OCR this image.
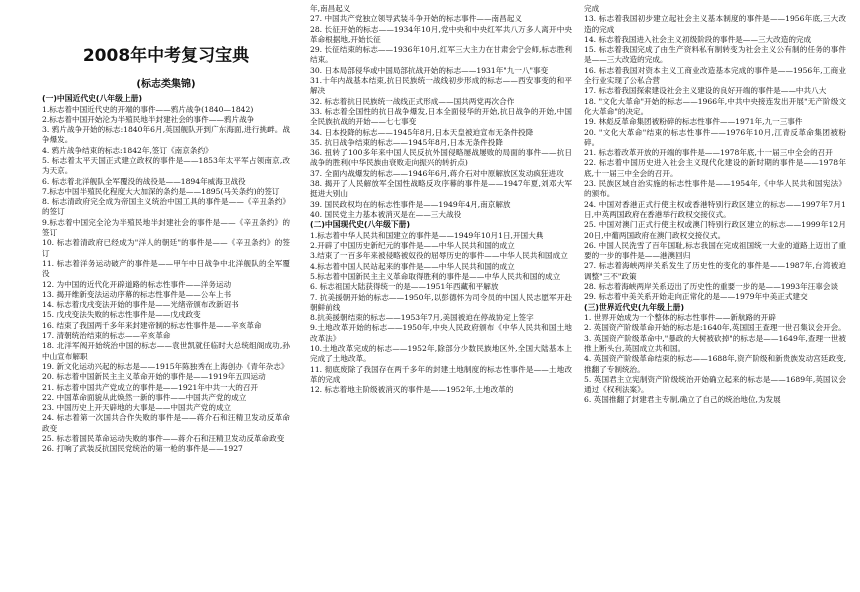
2008年中考复习宝典
(标志类集锦)

(一)中国近代史(八年级上册)

1.标志着中国近代史的开端的事件——鸦片战争(1840—1842)

2.标志着中国开始沦为半殖民地半封建社会的事件——鸦片战争

3. 鸦片战争开始的标志:1840年6月,英国舰队开到广东海面,进行挑衅。战争爆发。

4. 鸦片战争结束的标志:1842年,签订《南京条约》

5. 标志着太平天国正式建立政权的事件是——1853年太平军占领南京,改为天京。

6. 标志着北洋舰队全军覆没的战役是——1894年威海卫战役

7.标志中国半殖民化程度大大加深的条约是——1895(马关条约)的签订

8. 标志清政府完全成为帝国主义统治中国工具的事件是——《辛丑条约》的签订

9.标志着中国完全沦为半殖民地半封建社会的事件是——《辛丑条约》的签订

10. 标志着清政府已经成为"洋人的朝廷"的事件是——《辛丑条约》的签订

11. 标志着洋务运动破产的事件是——甲午中日战争中北洋舰队的全军覆没

12. 为中国的近代化开辟道路的标志性事件——洋务运动

13. 揭开维新变法运动序幕的标志性事件是——公车上书

14. 标志着戊戌变法开始的事件是——光绪帝颁布改新诏书

15. 戊戌变法失败的标志性事件是——戊戌政变

16. 结束了我国两千多年来封建帝制的标志性事件是——辛亥革命

17. 清朝统治结束的标志——辛亥革命

18. 北洋军阀开始统治中国的标志——袁世凯就任临时大总统组阁成功,孙中山宣布解职

19. 新文化运动兴起的标志是——1915年陈独秀在上海创办《青年杂志》

20. 标志着中国新民主主义革命开始的事件是——1919年五四运动

21. 标志着中国共产党成立的事件是——1921年中共一大的召开

22. 中国革命面貌从此焕然一新的事件——中国共产党的成立

23. 中国历史上开天辟地的大事是——中国共产党的成立

24. 标志着第一次国共合作失败的事件是——蒋介石和汪精卫发动反革命政变

25. 标志着国民革命运动失败的事件——蒋介石和汪精卫发动反革命政变

26. 打响了武装反抗国民党统治的第一枪的事件是——1927

年,南昌起义

27. 中国共产党独立领导武装斗争开始的标志事件——南昌起义

28. 长征开始的标志——1934年10月,党中央和中央红军共八万多人离开中央革命根据地,开始长征

29. 长征结束的标志——1936年10月,红军三大主力在甘肃会宁会师,标志胜利结束。

30. 日本局部侵华或中国局部抗战开始的标志——1931年"九一八"事变

31.十年内战基本结束,抗日民族统一战线初步形成的标志——西安事变的和平解决

32. 标志着抗日民族统一战线正式形成——国共两党再次合作

33. 标志着全国性的抗日战争爆发,日本全面侵华的开始,抗日战争的开始,中国全民族抗战的开始——七七事变

34. 日本投降的标志——1945年8月,日本天皇被迫宣布无条件投降

35. 抗日战争结束的标志——1945年8月,日本无条件投降

36. 扭转了100多年来中国人民反抗外国侵略屡战屡败的局面的事件——抗日战争的胜利(中华民族由衰败走向振兴的转折点)

37. 全面内战爆发的标志——1946年6月,蒋介石对中原解放区发动疯狂进攻

38. 揭开了人民解放军全国性战略反攻序幕的事件是——1947年夏,刘邓大军挺进大别山

39. 国民政权均在的标志性事件是——1949年4月,南京解放

40. 国民党主力基本被消灭是在——三大战役

(二)中国现代史(八年级下册)

1.标志着中华人民共和国建立的事件是——1949年10月1日,开国大典

2.开辟了中国历史新纪元的事件是——中华人民共和国的成立

3.结束了一百多年来被侵略被奴役的屈辱历史的事件——中华人民共和国成立

4.标志着中国人民站起来的事件是——中华人民共和国的成立

5.标志着中国新民主主义革命取得胜利的事件是——中华人民共和国的成立

6. 标志祖国大陆获得统一的是——1951年西藏和平解放

7. 抗美援朝开始的标志——1950年,以彭德怀为司令员的中国人民志愿军开赴朝鲜前线

8.抗美援朝结束的标志——1953年7月,美国被迫在停战协定上签字

9.土地改革开始的标志——1950年,中央人民政府颁布《中华人民共和国土地改革法》

10.土地改革完成的标志——1952年,除部分少数民族地区外,全国大陆基本上完成了土地改革。

11. 彻底废除了我国存在两千多年的封建土地制度的标志性事件是——土地改革的完成

12. 标志着地主阶级被消灭的事件是——1952年,土地改革的

完成

13. 标志着我国初步建立起社会主义基本制度的事件是——1956年底,三大改造的完成

14. 标志着我国进入社会主义初级阶段的事件是——三大改造的完成

15. 标志着我国完成了由生产资料私有制转变为社会主义公有制的任务的事件是——三大改造的完成。

16. 标志着我国对资本主义工商业改造基本完成的事件是——1956年,工商业全行业实现了公私合营

17. 标志着我国探索建设社会主义建设的良好开端的事件是——中共八大

18. "文化大革命"开始的标志——1966年,中共中央接连发出开展"无产阶级文化大革命"的决定。

19. 林彪反革命集团被粉碎的标志性事件——1971年,九一三事件

20. "文化大革命"结束的标志性事件——1976年10月,江青反革命集团被粉碎。

21. 标志着改革开放的开端的事件是——1978年底,十一届三中全会的召开

22. 标志着中国历史进入社会主义现代化建设的新时期的事件是——1978年底,十一届三中全会的召开。

23. 民族区域自治实施的标志性事件是——1954年,《中华人民共和国宪法》的颁布。

24. 中国对香港正式行使主权或香港特别行政区建立的标志——1997年7月1日,中英两国政府在香港举行政权交接仪式。

25. 中国对澳门正式行使主权或澳门特别行政区建立的标志——1999年12月20日,中葡两国政府在澳门政权交接仪式。

26. 中国人民洗雪了百年国耻,标志我国在完成祖国统一大业的道路上迈出了重要的一步的事件是——港澳回归

27. 标志着海峡两岸关系发生了历史性的变化的事件是——1987年,台湾被迫调整"三不"政策

28. 标志着海峡两岸关系迈出了历史性的重要一步的是——1993年汪辜会谈

29. 标志着中美关系开始走向正常化的是——1979年中美正式建交

(三)世界近代史(九年级上册)

1. 世界开始成为一个整体的标志性事件——新航路的开辟

2. 英国资产阶级革命开始的标志是:1640年,英国国王查理一世召集议会开会。

3. 英国资产阶级革命中,"暴政的大树被砍掉"的标志是——1649年,查理一世被推上断头台,英国成立共和国。

4. 英国资产阶级革命结束的标志——1688年,资产阶级和新贵族发动宫廷政变,推翻了专制统治。

5. 英国君主立宪制资产阶级统治开始确立起来的标志是——1689年,英国议会通过《权利法案》。

6. 英国推翻了封建君主专制,确立了自己的统治地位,为发展
